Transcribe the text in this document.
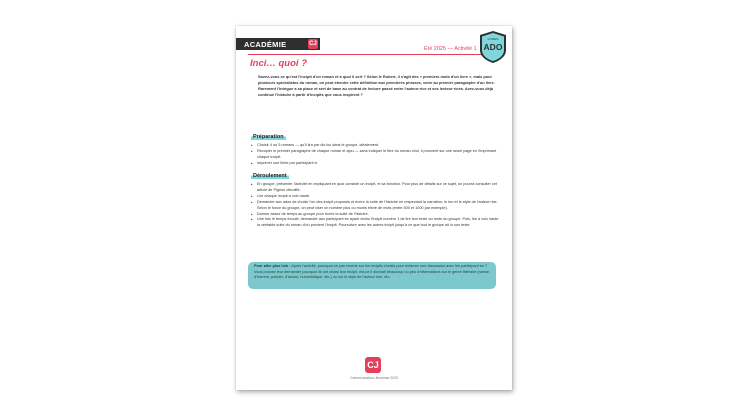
ACADÉMIE	CJ
Été 2025 — Activité 1
LIVRES
ADO
Inci… quoi ?

Savez-vous ce qu'est l'incipit d'un roman et à quoi il sert ? Selon le Robert, il s'agit des « premiers mots d'un livre », mais pour plusieurs spécialistes du roman, on peut étendre cette définition aux premières phrases, voire au premier paragraphe d'un livre. Rarement l'intrigue a sa place et sert de base au contrat de lecture passé entre l'auteur·rice et ses lecteur·rices. Avez-vous déjà continué l'histoire à partir d'incipits que vous inspirent ?

Préparation
• Choisir 4 ou 5 romans — qu'il lira par diz lus dans le groupe, idéalement.
• Recopier le premier paragraphe de chaque roman et ajou — sans indiquer le titre du roman choi, il prouvent sur une seule page en l'imprimant chaque incipit.
• Imprimer une fiche par participant·e.
Déroulement
• En groupe, présenter l'activité en expliquant en quoi consiste un incipit, et sa fonction. Pour plus de détails sur ce sujet, on pourra consulter cet article de Pigeon décoiffé.
• Lire chaque incipit à voix haute.
• Demander aux ados de choisir l'un des incipit proposés et écrire la suite de l'histoire en respectant la narration, le ton et le style de l'auteur·rice. Selon le fonce du groupe, on peut viser un nombre plus ou moins élevé de mots (entre 500 et 1000 par exemple).
• Donner assez de temps au groupe pour écrire la suite de l'histoire.
• Une fois le temps écoulé, demander aux participant·es ayant choisi l'incipit numéro 1 de lire leur texte au reste du groupe. Puis, lire à voix haute la véritable suite du roman d'où provient l'incipit. Poursuivre avec les autres incipit jusqu'à ce que tout le groupe ait lu son texte.
Pour aller plus loin : Après l'activité, pourquoi ne pas revenir sur les incipits choisis pour entamer une discussion avec les participant·es ? Vous pouvez leur demander pourquoi ils ont choisi leur incipit, est-ce il donnait beaucoup ou peu d'informations sur le genre littéraire (roman d'horreur, policier, d'amour, humoristique, etc.) ou sur le style de l'auteur·rice, etc.
CJ
Communication-Jeunesse 2025
